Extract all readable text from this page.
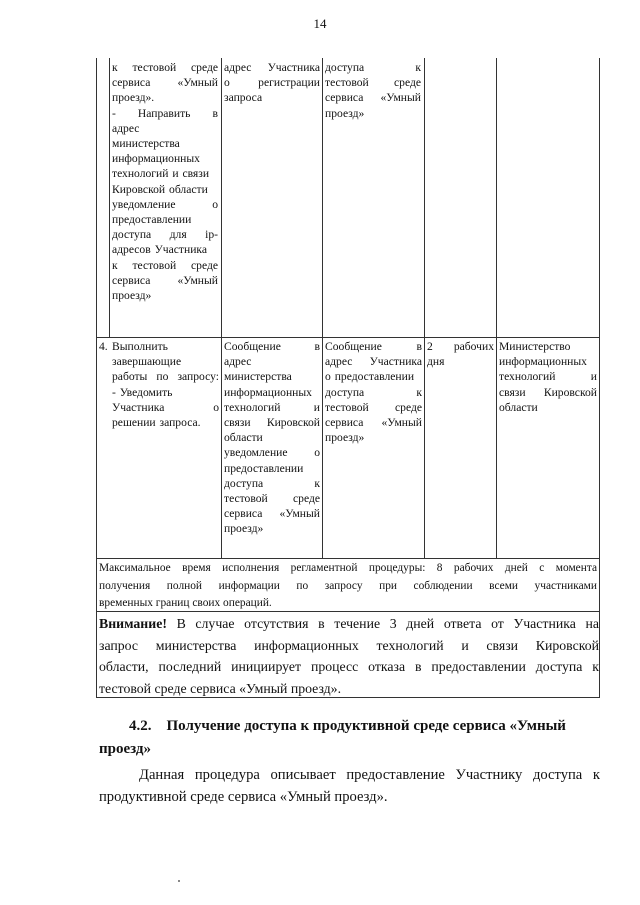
14
к тестовой среде
сервиса «Умный
проезд».
- Направить в
адрес
министерства
информационных
технологий и связи
Кировской области
уведомление о
предоставлении
доступа для ip-
адресов Участника
к тестовой среде
сервиса «Умный
проезд»
адрес Участника
о регистрации
запроса
доступа к
тестовой среде
сервиса «Умный
проезд»
4. Выполнить
завершающие
работы по запросу:
- Уведомить
Участника о
решении запроса.
Сообщение в
адрес
министерства
информационных
технологий и
связи Кировской
области
уведомление о
предоставлении
доступа к
тестовой среде
сервиса «Умный
проезд»
Сообщение в
адрес Участника
о предоставлении
доступа к
тестовой среде
сервиса «Умный
проезд»
2 рабочих
дня
Министерство
информационных
технологий и
связи Кировской
области
Максимальное время исполнения регламентной процедуры: 8 рабочих дней с момента
получения полной информации по запросу при соблюдении всеми участниками
временных границ своих операций.
Внимание! В случае отсутствия в течение 3 дней ответа от Участника на
запрос министерства информационных технологий и связи Кировской
области, последний инициирует процесс отказа в предоставлении доступа к
тестовой среде сервиса «Умный проезд».
4.2. Получение доступа к продуктивной среде сервиса «Умный
проезд»
Данная процедура описывает предоставление Участнику доступа к
продуктивной среде сервиса «Умный проезд».
